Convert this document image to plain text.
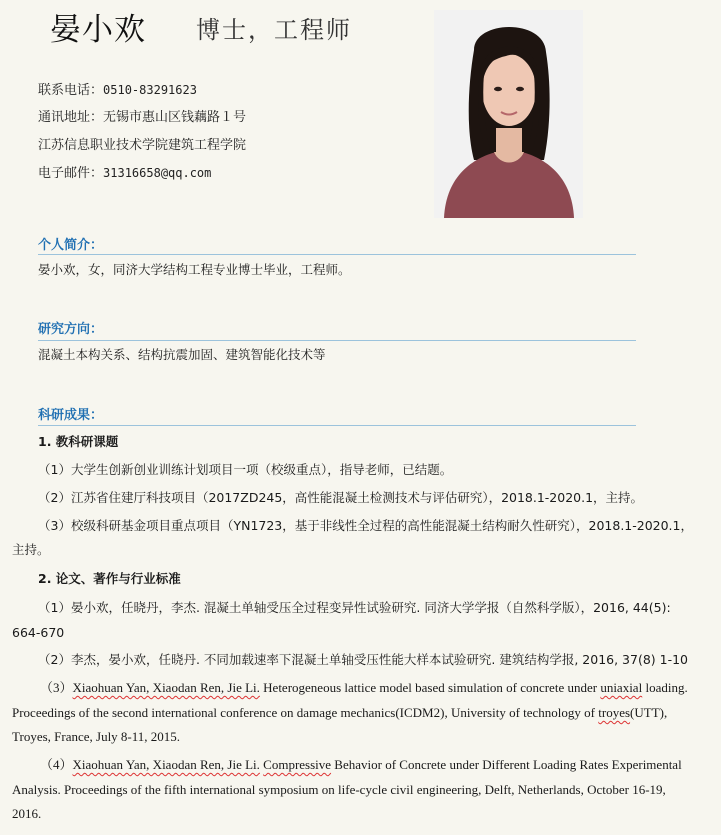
晏小欢 博士，工程师
联系电话：0510-83291623
通讯地址：无锡市惠山区钱藕路１号
江苏信息职业技术学院建筑工程学院
电子邮件：31316658@qq.com
个人简介：
晏小欢，女，同济大学结构工程专业博士毕业，工程师。
研究方向：
混凝土本构关系、结构抗震加固、建筑智能化技术等
科研成果：
1. 教科研课题
（1）大学生创新创业训练计划项目一项（校级重点），指导老师，已结题。
（2）江苏省住建厅科技项目（2017ZD245，高性能混凝土检测技术与评估研究），2018.1-2020.1，主持。
（3）校级科研基金项目重点项目（YN1723，基于非线性全过程的高性能混凝土结构耐久性研究），2018.1-2020.1，
主持。
2. 论文、著作与行业标准
（1）晏小欢，任晓丹，李杰. 混凝土单轴受压全过程变异性试验研究. 同济大学学报（自然科学版），2016, 44(5):
664-670
（2）李杰，晏小欢，任晓丹. 不同加载速率下混凝土单轴受压性能大样本试验研究. 建筑结构学报, 2016, 37(8) 1-10
（3）Xiaohuan Yan, Xiaodan Ren, Jie Li. Heterogeneous lattice model based simulation of concrete under uniaxial loading.
Proceedings of the second international conference on damage mechanics(ICDM2), University of technology of troyes(UTT),
Troyes, France, July 8-11, 2015.
（4）Xiaohuan Yan, Xiaodan Ren, Jie Li. Compressive Behavior of Concrete under Different Loading Rates Experimental
Analysis. Proceedings of the fifth international symposium on life-cycle civil engineering, Delft, Netherlands, October 16-19,
2016.
